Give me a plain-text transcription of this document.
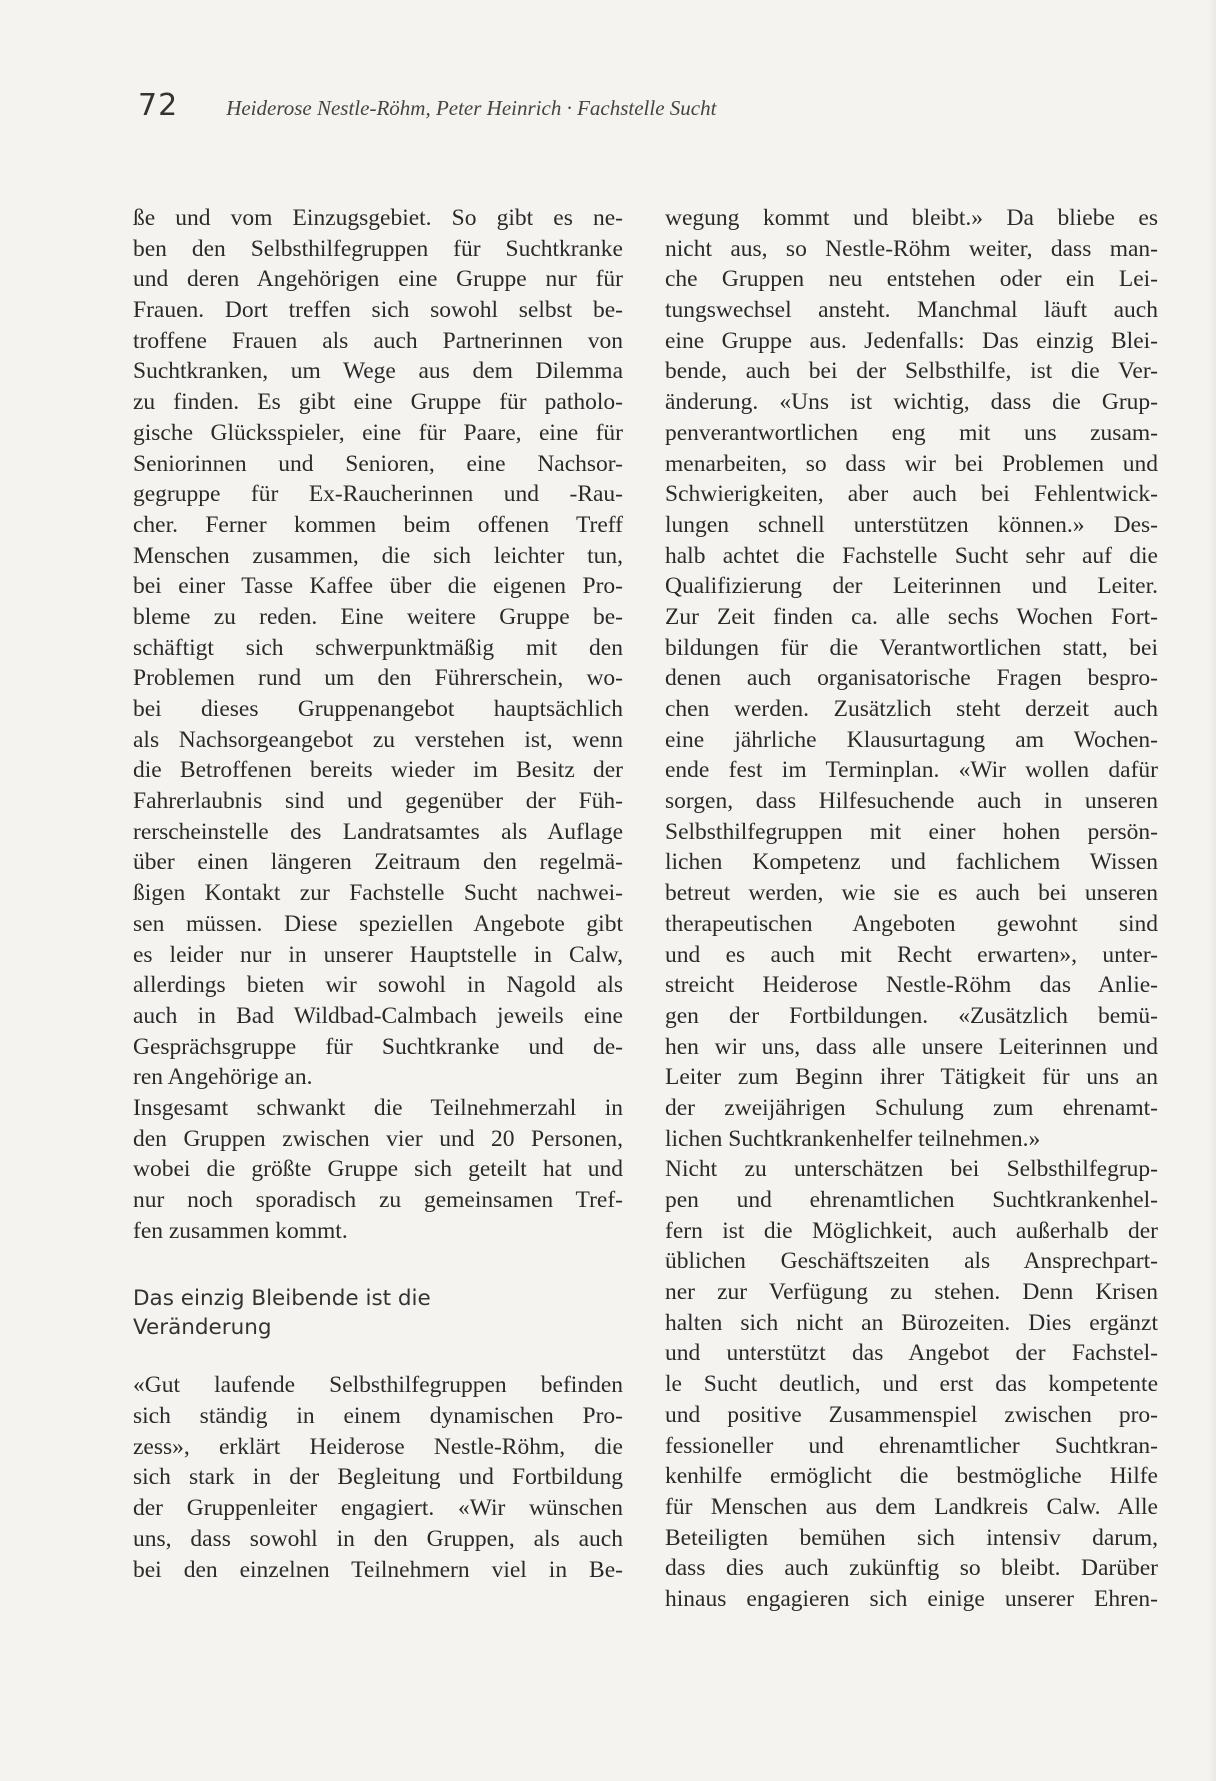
72 Heiderose Nestle-Röhm, Peter Heinrich · Fachstelle Sucht
ße und vom Einzugsgebiet. So gibt es ne-
ben den Selbsthilfegruppen für Suchtkranke
und deren Angehörigen eine Gruppe nur für
Frauen. Dort treffen sich sowohl selbst be-
troffene Frauen als auch Partnerinnen von
Suchtkranken, um Wege aus dem Dilemma
zu finden. Es gibt eine Gruppe für patholo-
gische Glücksspieler, eine für Paare, eine für
Seniorinnen und Senioren, eine Nachsor-
gegruppe für Ex-Raucherinnen und -Rau-
cher. Ferner kommen beim offenen Treff
Menschen zusammen, die sich leichter tun,
bei einer Tasse Kaffee über die eigenen Pro-
bleme zu reden. Eine weitere Gruppe be-
schäftigt sich schwerpunktmäßig mit den
Problemen rund um den Führerschein, wo-
bei dieses Gruppenangebot hauptsächlich
als Nachsorgeangebot zu verstehen ist, wenn
die Betroffenen bereits wieder im Besitz der
Fahrerlaubnis sind und gegenüber der Füh-
rerscheinstelle des Landratsamtes als Auflage
über einen längeren Zeitraum den regelmä-
ßigen Kontakt zur Fachstelle Sucht nachwei-
sen müssen. Diese speziellen Angebote gibt
es leider nur in unserer Hauptstelle in Calw,
allerdings bieten wir sowohl in Nagold als
auch in Bad Wildbad-Calmbach jeweils eine
Gesprächsgruppe für Suchtkranke und de-
ren Angehörige an.
Insgesamt schwankt die Teilnehmerzahl in
den Gruppen zwischen vier und 20 Personen,
wobei die größte Gruppe sich geteilt hat und
nur noch sporadisch zu gemeinsamen Tref-
fen zusammen kommt.
Das einzig Bleibende ist die
Veränderung
«Gut laufende Selbsthilfegruppen befinden
sich ständig in einem dynamischen Pro-
zess», erklärt Heiderose Nestle-Röhm, die
sich stark in der Begleitung und Fortbildung
der Gruppenleiter engagiert. «Wir wünschen
uns, dass sowohl in den Gruppen, als auch
bei den einzelnen Teilnehmern viel in Be-
wegung kommt und bleibt.» Da bliebe es
nicht aus, so Nestle-Röhm weiter, dass man-
che Gruppen neu entstehen oder ein Lei-
tungswechsel ansteht. Manchmal läuft auch
eine Gruppe aus. Jedenfalls: Das einzig Blei-
bende, auch bei der Selbsthilfe, ist die Ver-
änderung. «Uns ist wichtig, dass die Grup-
penverantwortlichen eng mit uns zusam-
menarbeiten, so dass wir bei Problemen und
Schwierigkeiten, aber auch bei Fehlentwick-
lungen schnell unterstützen können.» Des-
halb achtet die Fachstelle Sucht sehr auf die
Qualifizierung der Leiterinnen und Leiter.
Zur Zeit finden ca. alle sechs Wochen Fort-
bildungen für die Verantwortlichen statt, bei
denen auch organisatorische Fragen bespro-
chen werden. Zusätzlich steht derzeit auch
eine jährliche Klausurtagung am Wochen-
ende fest im Terminplan. «Wir wollen dafür
sorgen, dass Hilfesuchende auch in unseren
Selbsthilfegruppen mit einer hohen persön-
lichen Kompetenz und fachlichem Wissen
betreut werden, wie sie es auch bei unseren
therapeutischen Angeboten gewohnt sind
und es auch mit Recht erwarten», unter-
streicht Heiderose Nestle-Röhm das Anlie-
gen der Fortbildungen. «Zusätzlich bemü-
hen wir uns, dass alle unsere Leiterinnen und
Leiter zum Beginn ihrer Tätigkeit für uns an
der zweijährigen Schulung zum ehrenamt-
lichen Suchtkrankenhelfer teilnehmen.»
Nicht zu unterschätzen bei Selbsthilfegrup-
pen und ehrenamtlichen Suchtkrankenhel-
fern ist die Möglichkeit, auch außerhalb der
üblichen Geschäftszeiten als Ansprechpart-
ner zur Verfügung zu stehen. Denn Krisen
halten sich nicht an Bürozeiten. Dies ergänzt
und unterstützt das Angebot der Fachstel-
le Sucht deutlich, und erst das kompetente
und positive Zusammenspiel zwischen pro-
fessioneller und ehrenamtlicher Suchtkran-
kenhilfe ermöglicht die bestmögliche Hilfe
für Menschen aus dem Landkreis Calw. Alle
Beteiligten bemühen sich intensiv darum,
dass dies auch zukünftig so bleibt. Darüber
hinaus engagieren sich einige unserer Ehren-
